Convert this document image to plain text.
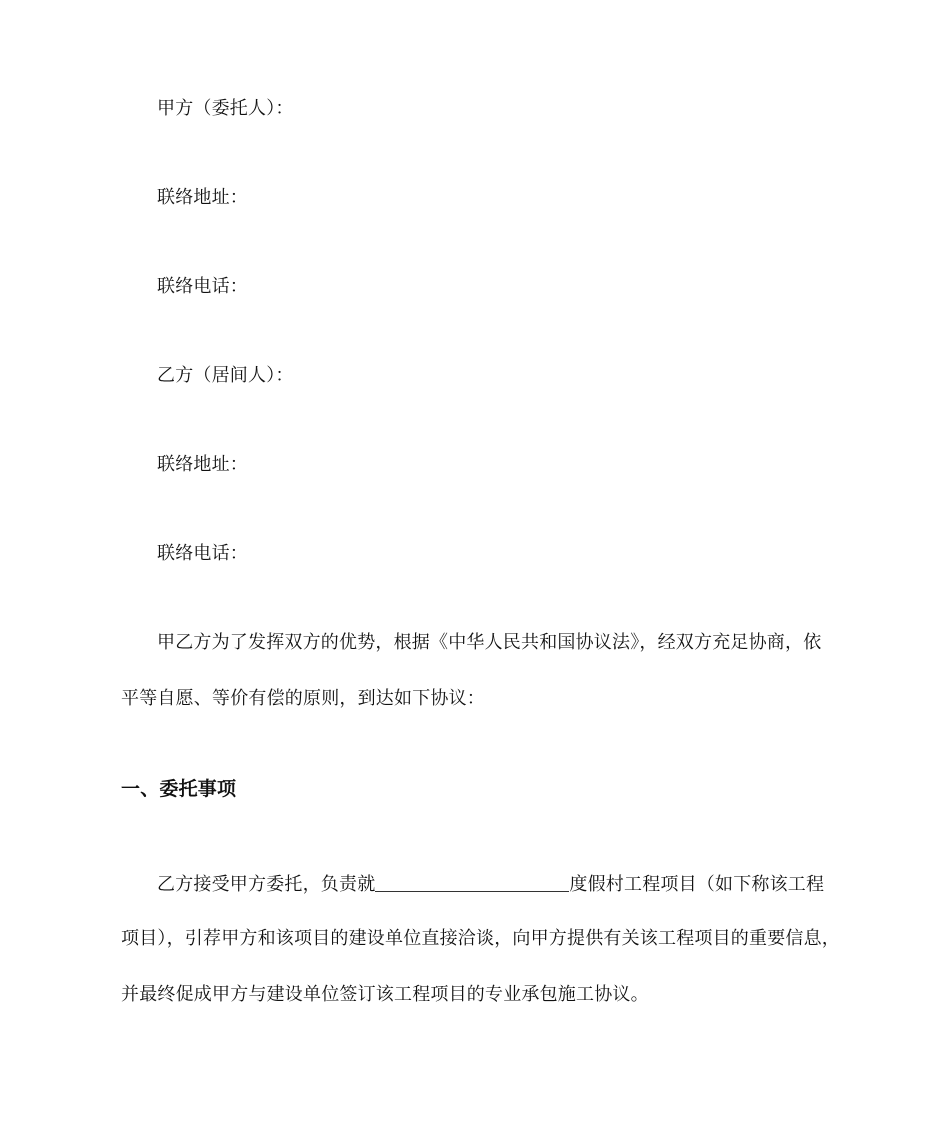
甲方（委托人）：
联络地址：
联络电话：
乙方（居间人）：
联络地址：
联络电话：
甲乙方为了发挥双方的优势，根据《中华人民共和国协议法》，经双方充足协商，依
平等自愿、等价有偿的原则，到达如下协议：
一、委托事项
乙方接受甲方委托，负责就	度假村工程项目（如下称该工程
项目），引荐甲方和该项目的建设单位直接洽谈，向甲方提供有关该工程项目的重要信息，
并最终促成甲方与建设单位签订该工程项目的专业承包施工协议。
